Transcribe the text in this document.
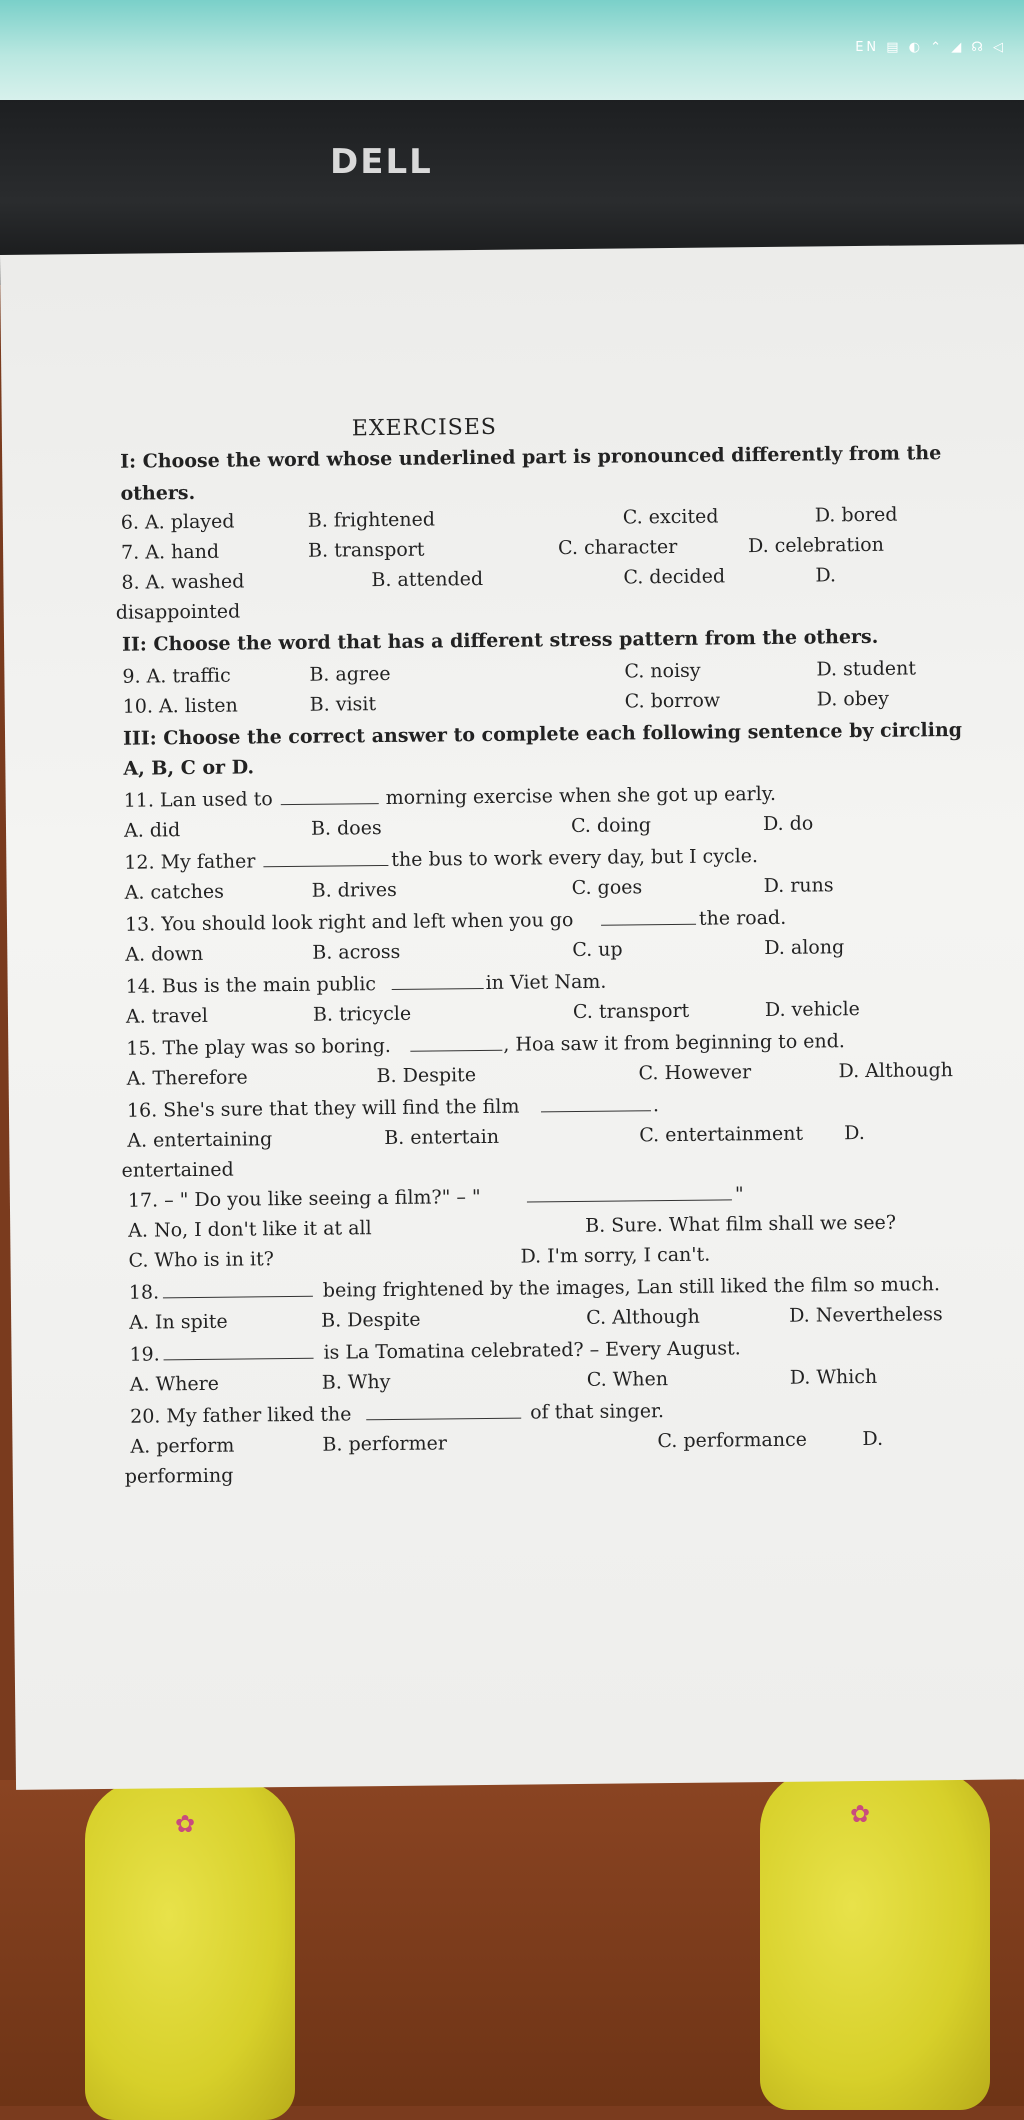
EN ▤ ◐ ⌃ ◢ ☊ ◁
DELL
✿	✿
EXERCISES
I: Choose the word whose underlined part is pronounced differently from the
others.
6. A. played	B. frightened	C. excited	D. bored
7. A. hand	B. transport	C. character	D. celebration
8. A. washed	B. attended	C. decided	D.
disappointed
II: Choose the word that has a different stress pattern from the others.
9. A. traffic	B. agree	C. noisy	D. student
10. A. listen	B. visit	C. borrow	D. obey
III: Choose the correct answer to complete each following sentence by circling
A, B, C or D.
11. Lan used to	morning exercise when she got up early.
A. did	B. does	C. doing	D. do
12. My father	the bus to work every day, but I cycle.
A. catches	B. drives	C. goes	D. runs
13. You should look right and left when you go	the road.
A. down	B. across	C. up	D. along
14. Bus is the main public	in Viet Nam.
A. travel	B. tricycle	C. transport	D. vehicle
15. The play was so boring.	, Hoa saw it from beginning to end.
A. Therefore	B. Despite	C. However	D. Although
16. She's sure that they will find the film	.
A. entertaining	B. entertain	C. entertainment D.
entertained
17. – " Do you like seeing a film?" – "	"
A. No, I don't like it at all	B. Sure. What film shall we see?
C. Who is in it?	D. I'm sorry, I can't.
18.	being frightened by the images, Lan still liked the film so much.
A. In spite	B. Despite	C. Although	D. Nevertheless
19.	is La Tomatina celebrated? – Every August.
A. Where	B. Why	C. When	D. Which
20. My father liked the	of that singer.
A. perform	B. performer	C. performance	D.
performing
